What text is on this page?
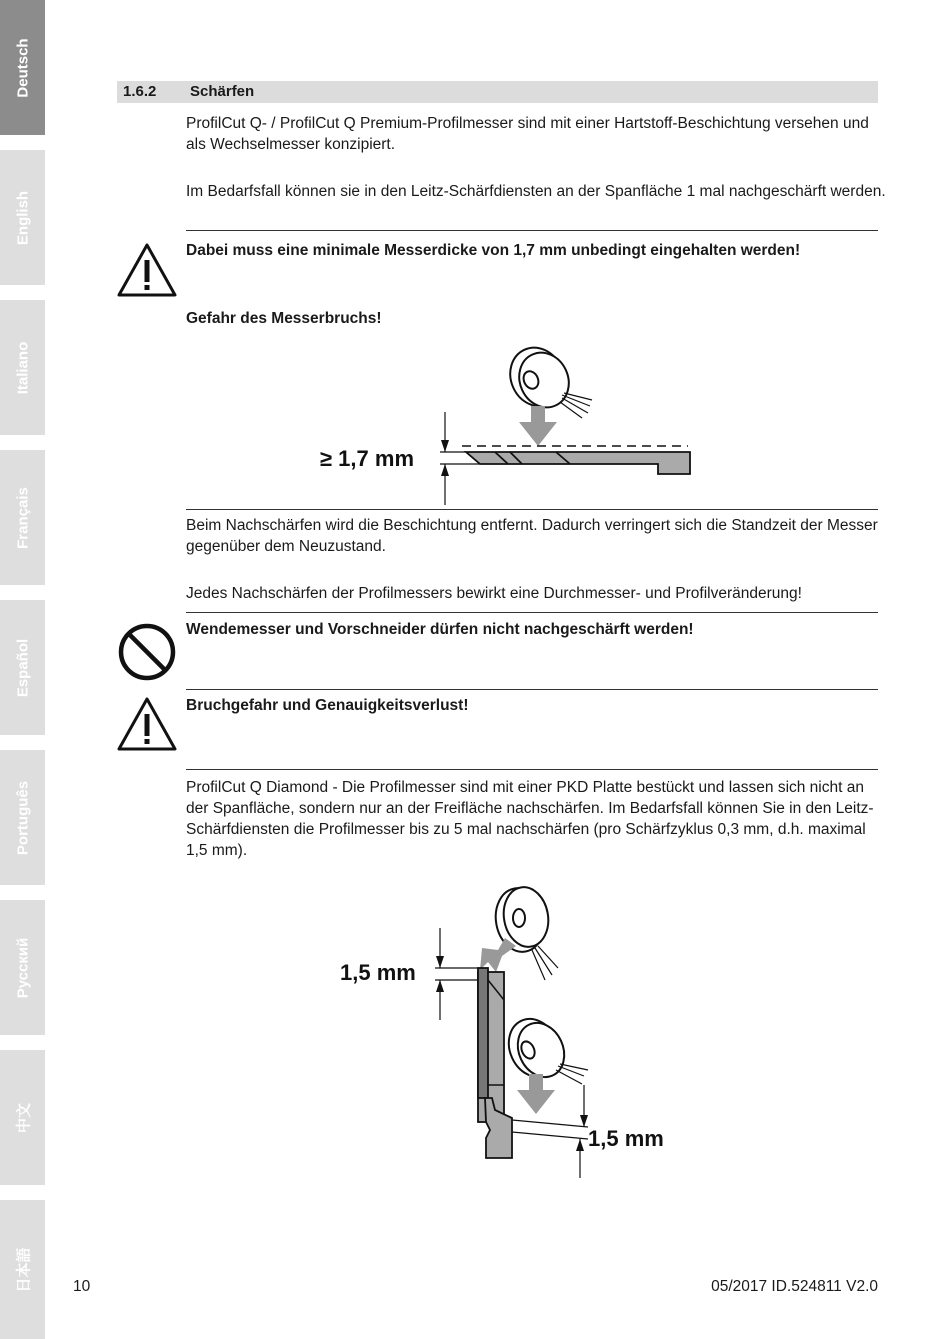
Deutsch
English
Italiano
Français
Español
Português
Русский
中文
日本語
1.6.2 Schärfen
ProfilCut Q- / ProfilCut Q Premium-Profilmesser sind mit einer Hartstoff-Beschichtung versehen und als Wechselmesser konzipiert.
Im Bedarfsfall können sie in den Leitz-Schärfdiensten an der Spanfläche 1 mal nachgeschärft werden.
Dabei muss eine minimale Messerdicke von 1,7 mm unbedingt eingehalten werden!
Gefahr des Messerbruchs!
≥ 1,7 mm
Beim Nachschärfen wird die Beschichtung entfernt. Dadurch verringert sich die Standzeit der Messer gegenüber dem Neuzustand.
Jedes Nachschärfen der Profilmessers bewirkt eine Durchmesser- und Profilveränderung!
Wendemesser und Vorschneider dürfen nicht nachgeschärft werden!
Bruchgefahr und Genauigkeitsverlust!
ProfilCut Q Diamond - Die Profilmesser sind mit einer PKD Platte bestückt und lassen sich nicht an der Spanfläche, sondern nur an der Freifläche nachschärfen. Im Bedarfsfall können Sie in den Leitz-Schärfdiensten die Profilmesser bis zu 5 mal nachschärfen (pro Schärfzyklus 0,3 mm, d.h. maximal 1,5 mm).
1,5 mm
1,5 mm
10	05/2017 ID.524811 V2.0
